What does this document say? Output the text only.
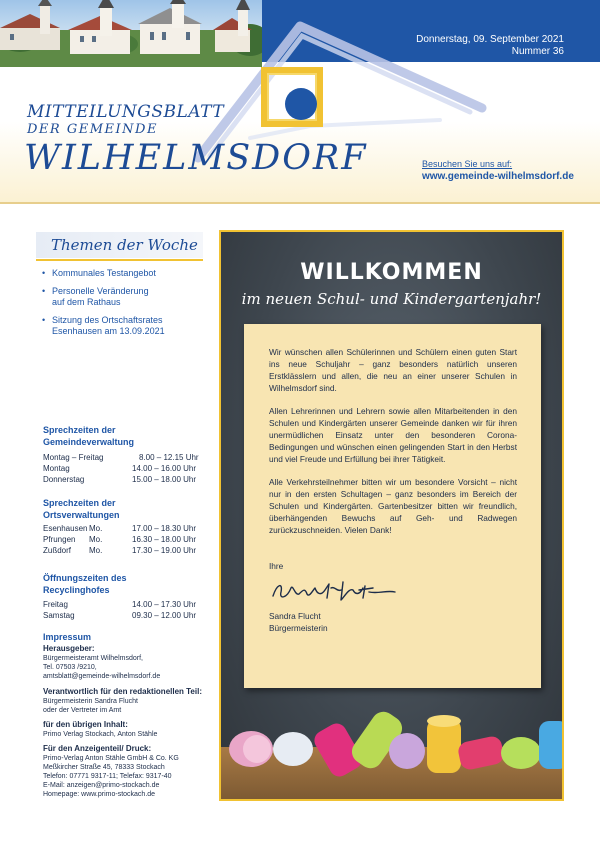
Donnerstag, 09. September 2021
Nummer 36
MITTEILUNGSBLATT
DER GEMEINDE
WILHELMSDORF	Besuchen Sie uns auf:
www.gemeinde-wilhelmsdorf.de
Themen der Woche
• Kommunales Testangebot
• Personelle Veränderung auf dem Rathaus
• Sitzung des Ortschaftsrates Esenhausen am 13.09.2021
Sprechzeiten der Gemeindeverwaltung
Montag – Freitag	8.00 – 12.15 Uhr
Montag	14.00 – 16.00 Uhr
Donnerstag	15.00 – 18.00 Uhr
Sprechzeiten der Ortsverwaltungen
Esenhausen Mo.	17.00 – 18.30 Uhr
Pfrungen Mo.	16.30 – 18.00 Uhr
Zußdorf Mo.	17.30 – 19.00 Uhr
Öffnungszeiten des Recyclinghofes
Freitag	14.00 – 17.30 Uhr
Samstag	09.30 – 12.00 Uhr
Impressum
Herausgeber:
Bürgermeisteramt Wilhelmsdorf,
Tel. 07503 /9210,
amtsblatt@gemeinde-wilhelmsdorf.de
Verantwortlich für den redaktionellen Teil:
Bürgermeisterin Sandra Flucht
oder der Vertreter im Amt
für den übrigen Inhalt:
Primo Verlag Stockach, Anton Stähle
Für den Anzeigenteil/ Druck:
Primo-Verlag Anton Stähle GmbH & Co. KG
Meßkircher Straße 45, 78333 Stockach
Telefon: 07771 9317-11; Telefax: 9317-40
E-Mail: anzeigen@primo-stockach.de
Homepage: www.primo-stockach.de
WILLKOMMEN
im neuen Schul- und Kindergartenjahr!

Wir wünschen allen Schülerinnen und Schülern einen guten Start ins neue Schuljahr – ganz besonders natürlich unseren Erstklässlern und allen, die neu an einer unserer Schulen in Wilhelmsdorf sind.

Allen Lehrerinnen und Lehrern sowie allen Mitarbeitenden in den Schulen und Kindergärten unserer Gemeinde danken wir für ihren unermüdlichen Einsatz unter den besonderen Corona-Bedingungen und wünschen einen gelingenden Start in den Herbst und viel Freude und Erfüllung bei ihrer Tätigkeit.

Alle Verkehrsteilnehmer bitten wir um besondere Vorsicht – nicht nur in den ersten Schultagen – ganz besonders im Bereich der Schulen und Kindergärten. Gartenbesitzer bitten wir freundlich, überhängenden Bewuchs auf Geh- und Radwegen zurückzuschneiden. Vielen Dank!

Ihre

Sandra Flucht
Bürgermeisterin
